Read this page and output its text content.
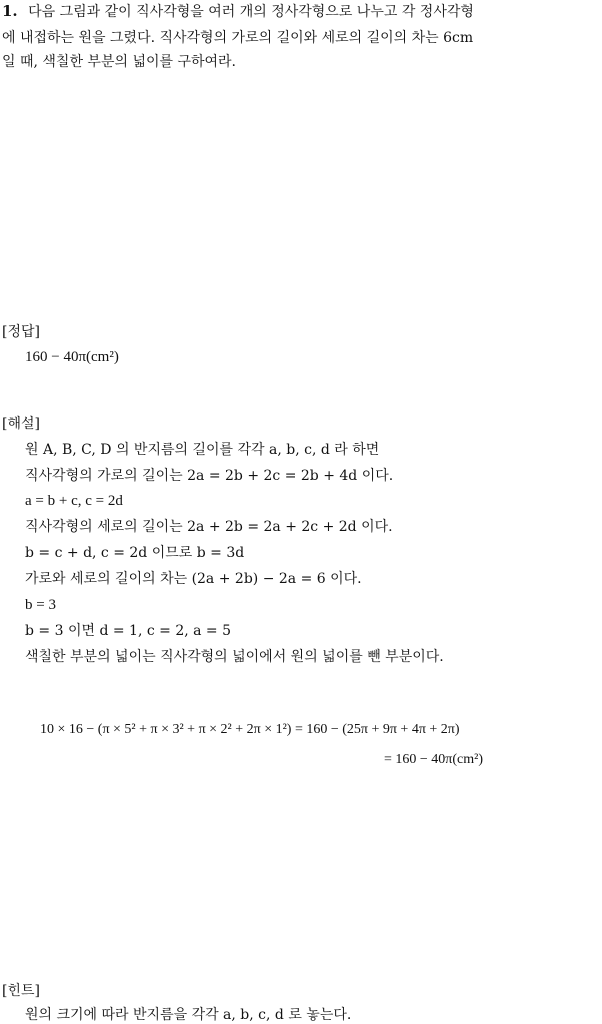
1. 다음 그림과 같이 직사각형을 여러 개의 정사각형으로 나누고 각 정사각형
에 내접하는 원을 그렸다. 직사각형의 가로의 길이와 세로의 길이의 차는 6cm
일 때, 색칠한 부분의 넓이를 구하여라.
[정답]
160 − 40π(cm²)
[해설]
원 A, B, C, D 의 반지름의 길이를 각각 a, b, c, d 라 하면
직사각형의 가로의 길이는 2a = 2b + 2c = 2b + 4d 이다.
a = b + c, c = 2d
직사각형의 세로의 길이는 2a + 2b = 2a + 2c + 2d 이다.
b = c + d, c = 2d 이므로 b = 3d
가로와 세로의 길이의 차는 (2a + 2b) − 2a = 6 이다.
b = 3
b = 3 이면 d = 1, c = 2, a = 5
색칠한 부분의 넓이는 직사각형의 넓이에서 원의 넓이를 뺀 부분이다.
10 × 16 − (π × 5² + π × 3² + π × 2² + 2π × 1²) = 160 − (25π + 9π + 4π + 2π)
= 160 − 40π(cm²)
[힌트]
원의 크기에 따라 반지름을 각각 a, b, c, d 로 놓는다.
